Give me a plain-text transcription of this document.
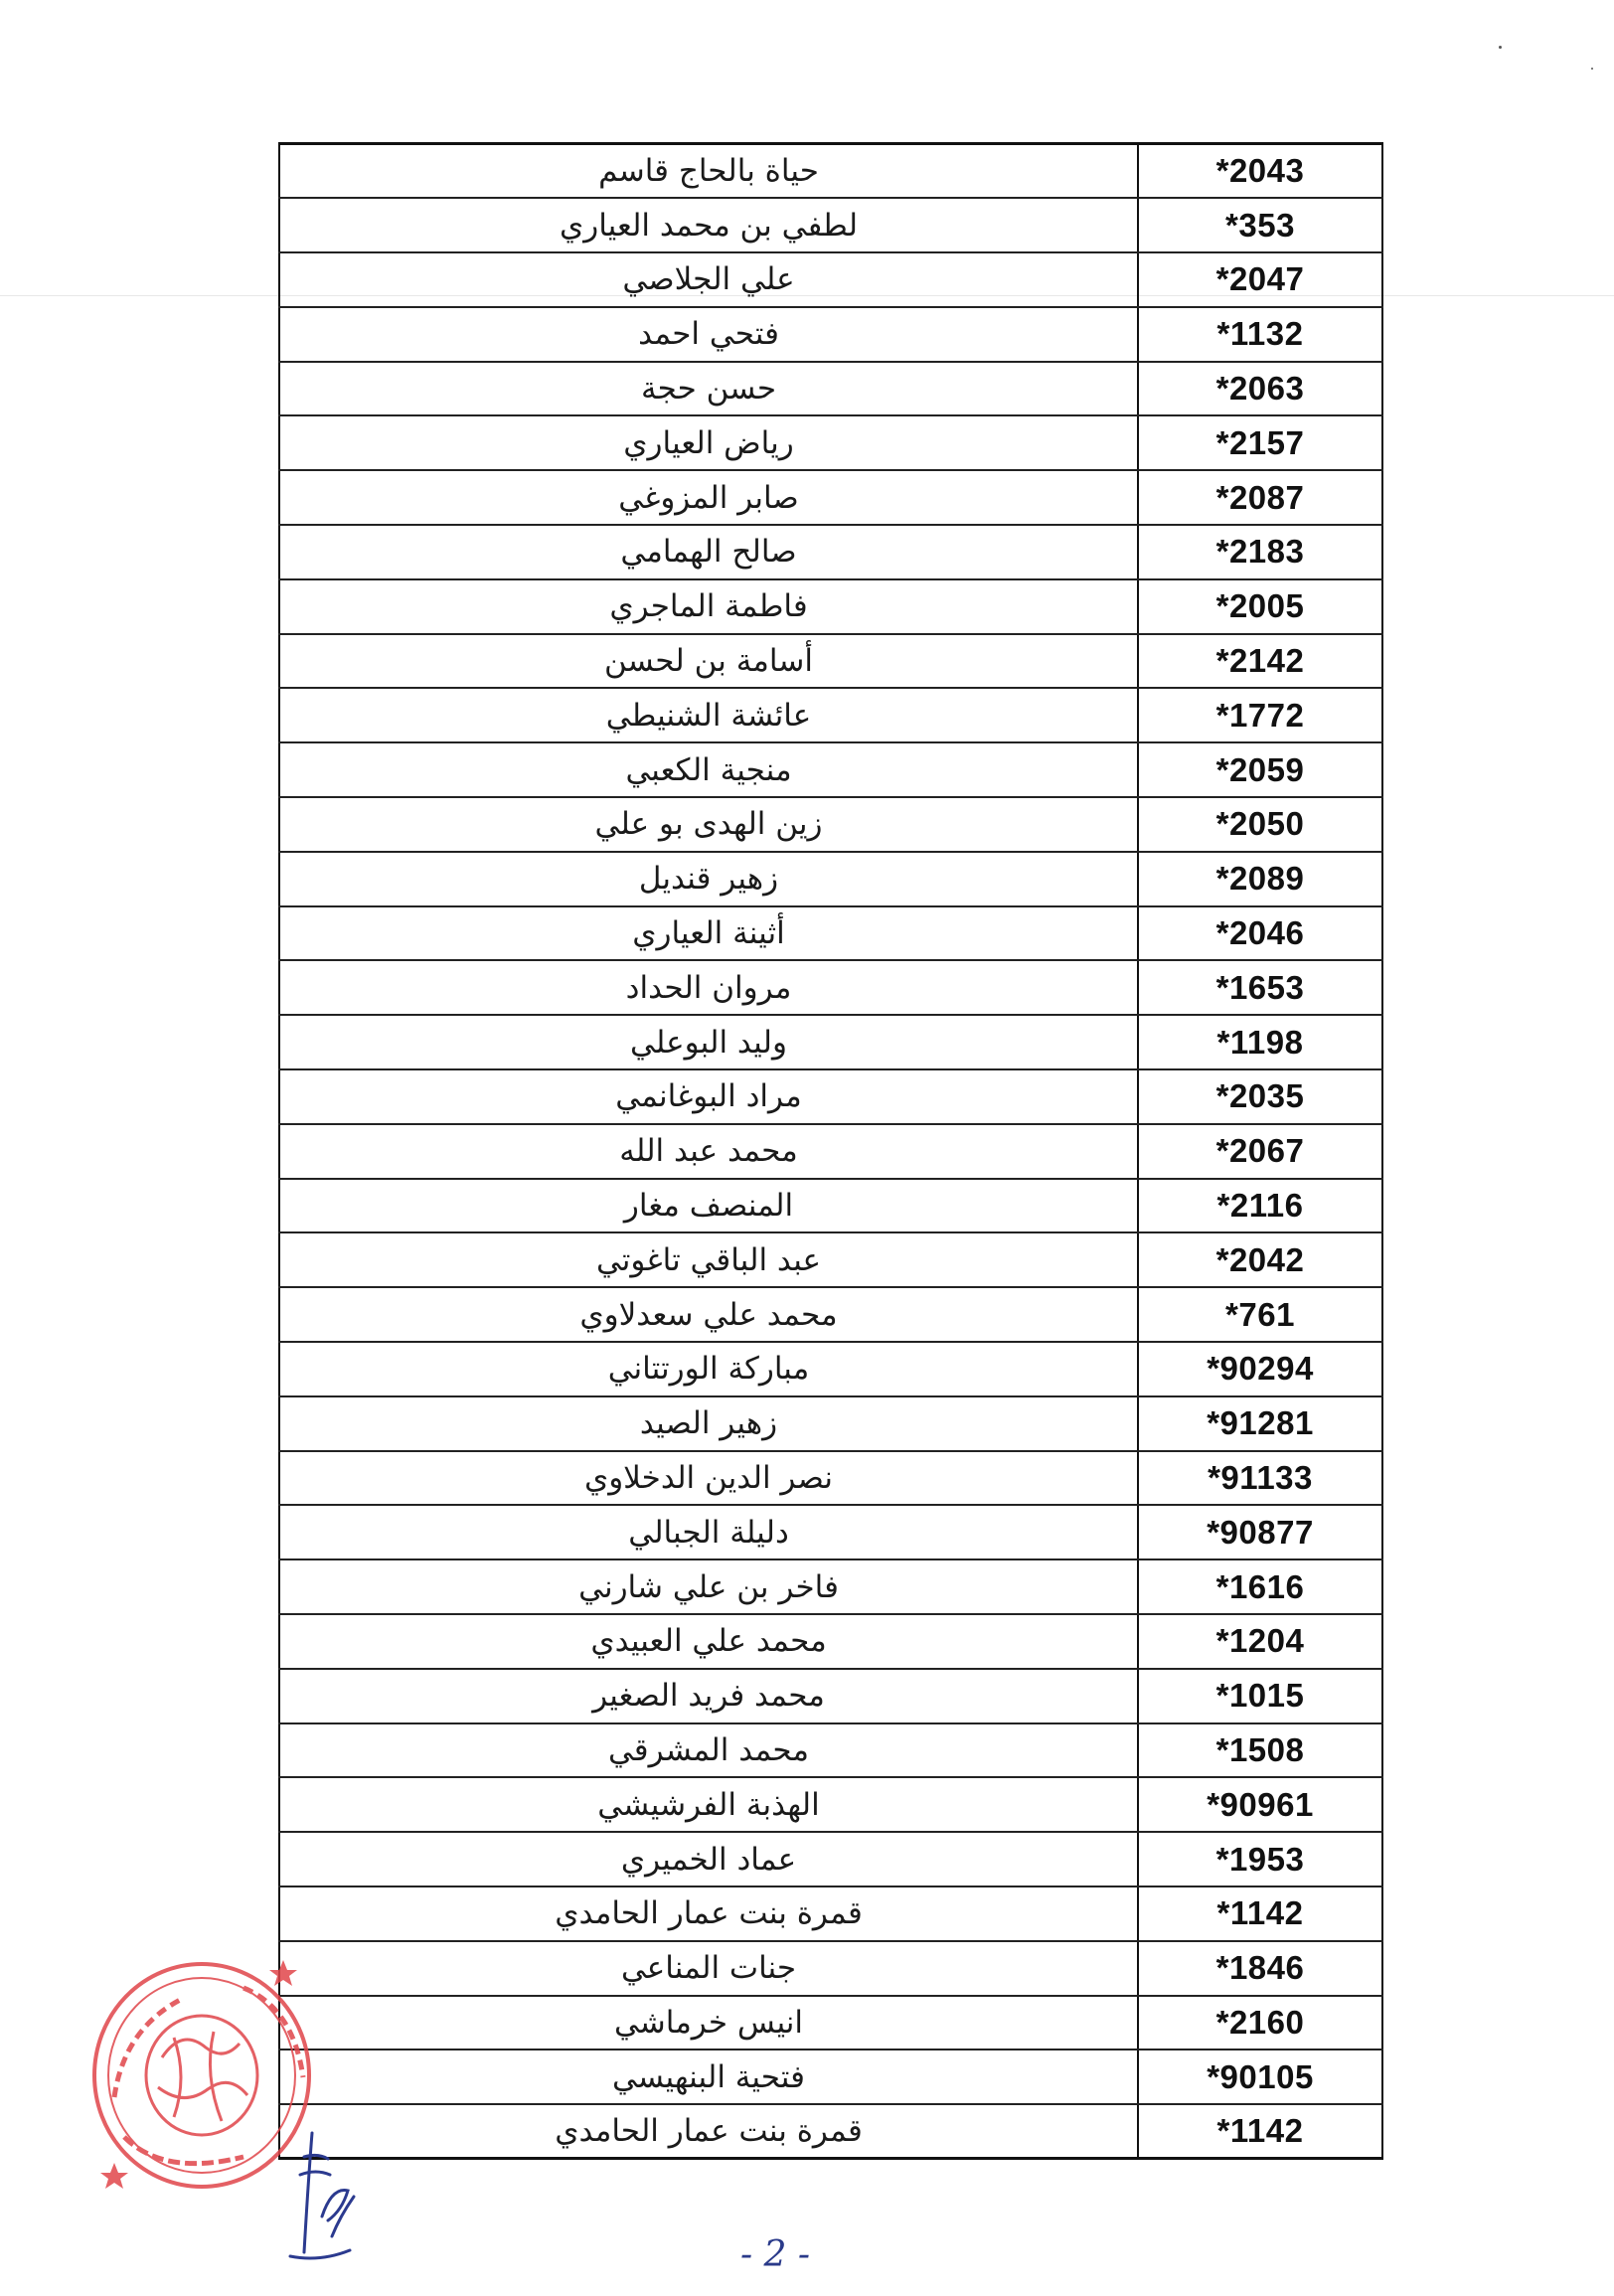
*2043	حياة بالحاج قاسم
*353	لطفي بن محمد العياري
*2047	علي الجلاصي
*1132	فتحي احمد
*2063	حسن حجة
*2157	رياض العياري
*2087	صابر المزوغي
*2183	صالح الهمامي
*2005	فاطمة الماجري
*2142	أسامة بن لحسن
*1772	عائشة الشنيطي
*2059	منجية الكعبي
*2050	زين الهدى بو علي
*2089	زهير قنديل
*2046	أثينة العياري
*1653	مروان الحداد
*1198	وليد البوعلي
*2035	مراد البوغانمي
*2067	محمد عبد الله
*2116	المنصف مغار
*2042	عبد الباقي تاغوتي
*761	محمد علي سعدلاوي
*90294	مباركة الورتتاني
*91281	زهير الصيد
*91133	نصر الدين الدخلاوي
*90877	دليلة الجبالي
*1616	فاخر بن علي شارني
*1204	محمد علي العبيدي
*1015	محمد فريد الصغير
*1508	محمد المشرقي
*90961	الهذبة الفرشيشي
*1953	عماد الخميري
*1142	قمرة بنت عمار الحامدي
*1846	جنات المناعي
*2160	انيس خرماشي
*90105	فتحية البنهيسي
*1142	قمرة بنت عمار الحامدي
- 2 -
